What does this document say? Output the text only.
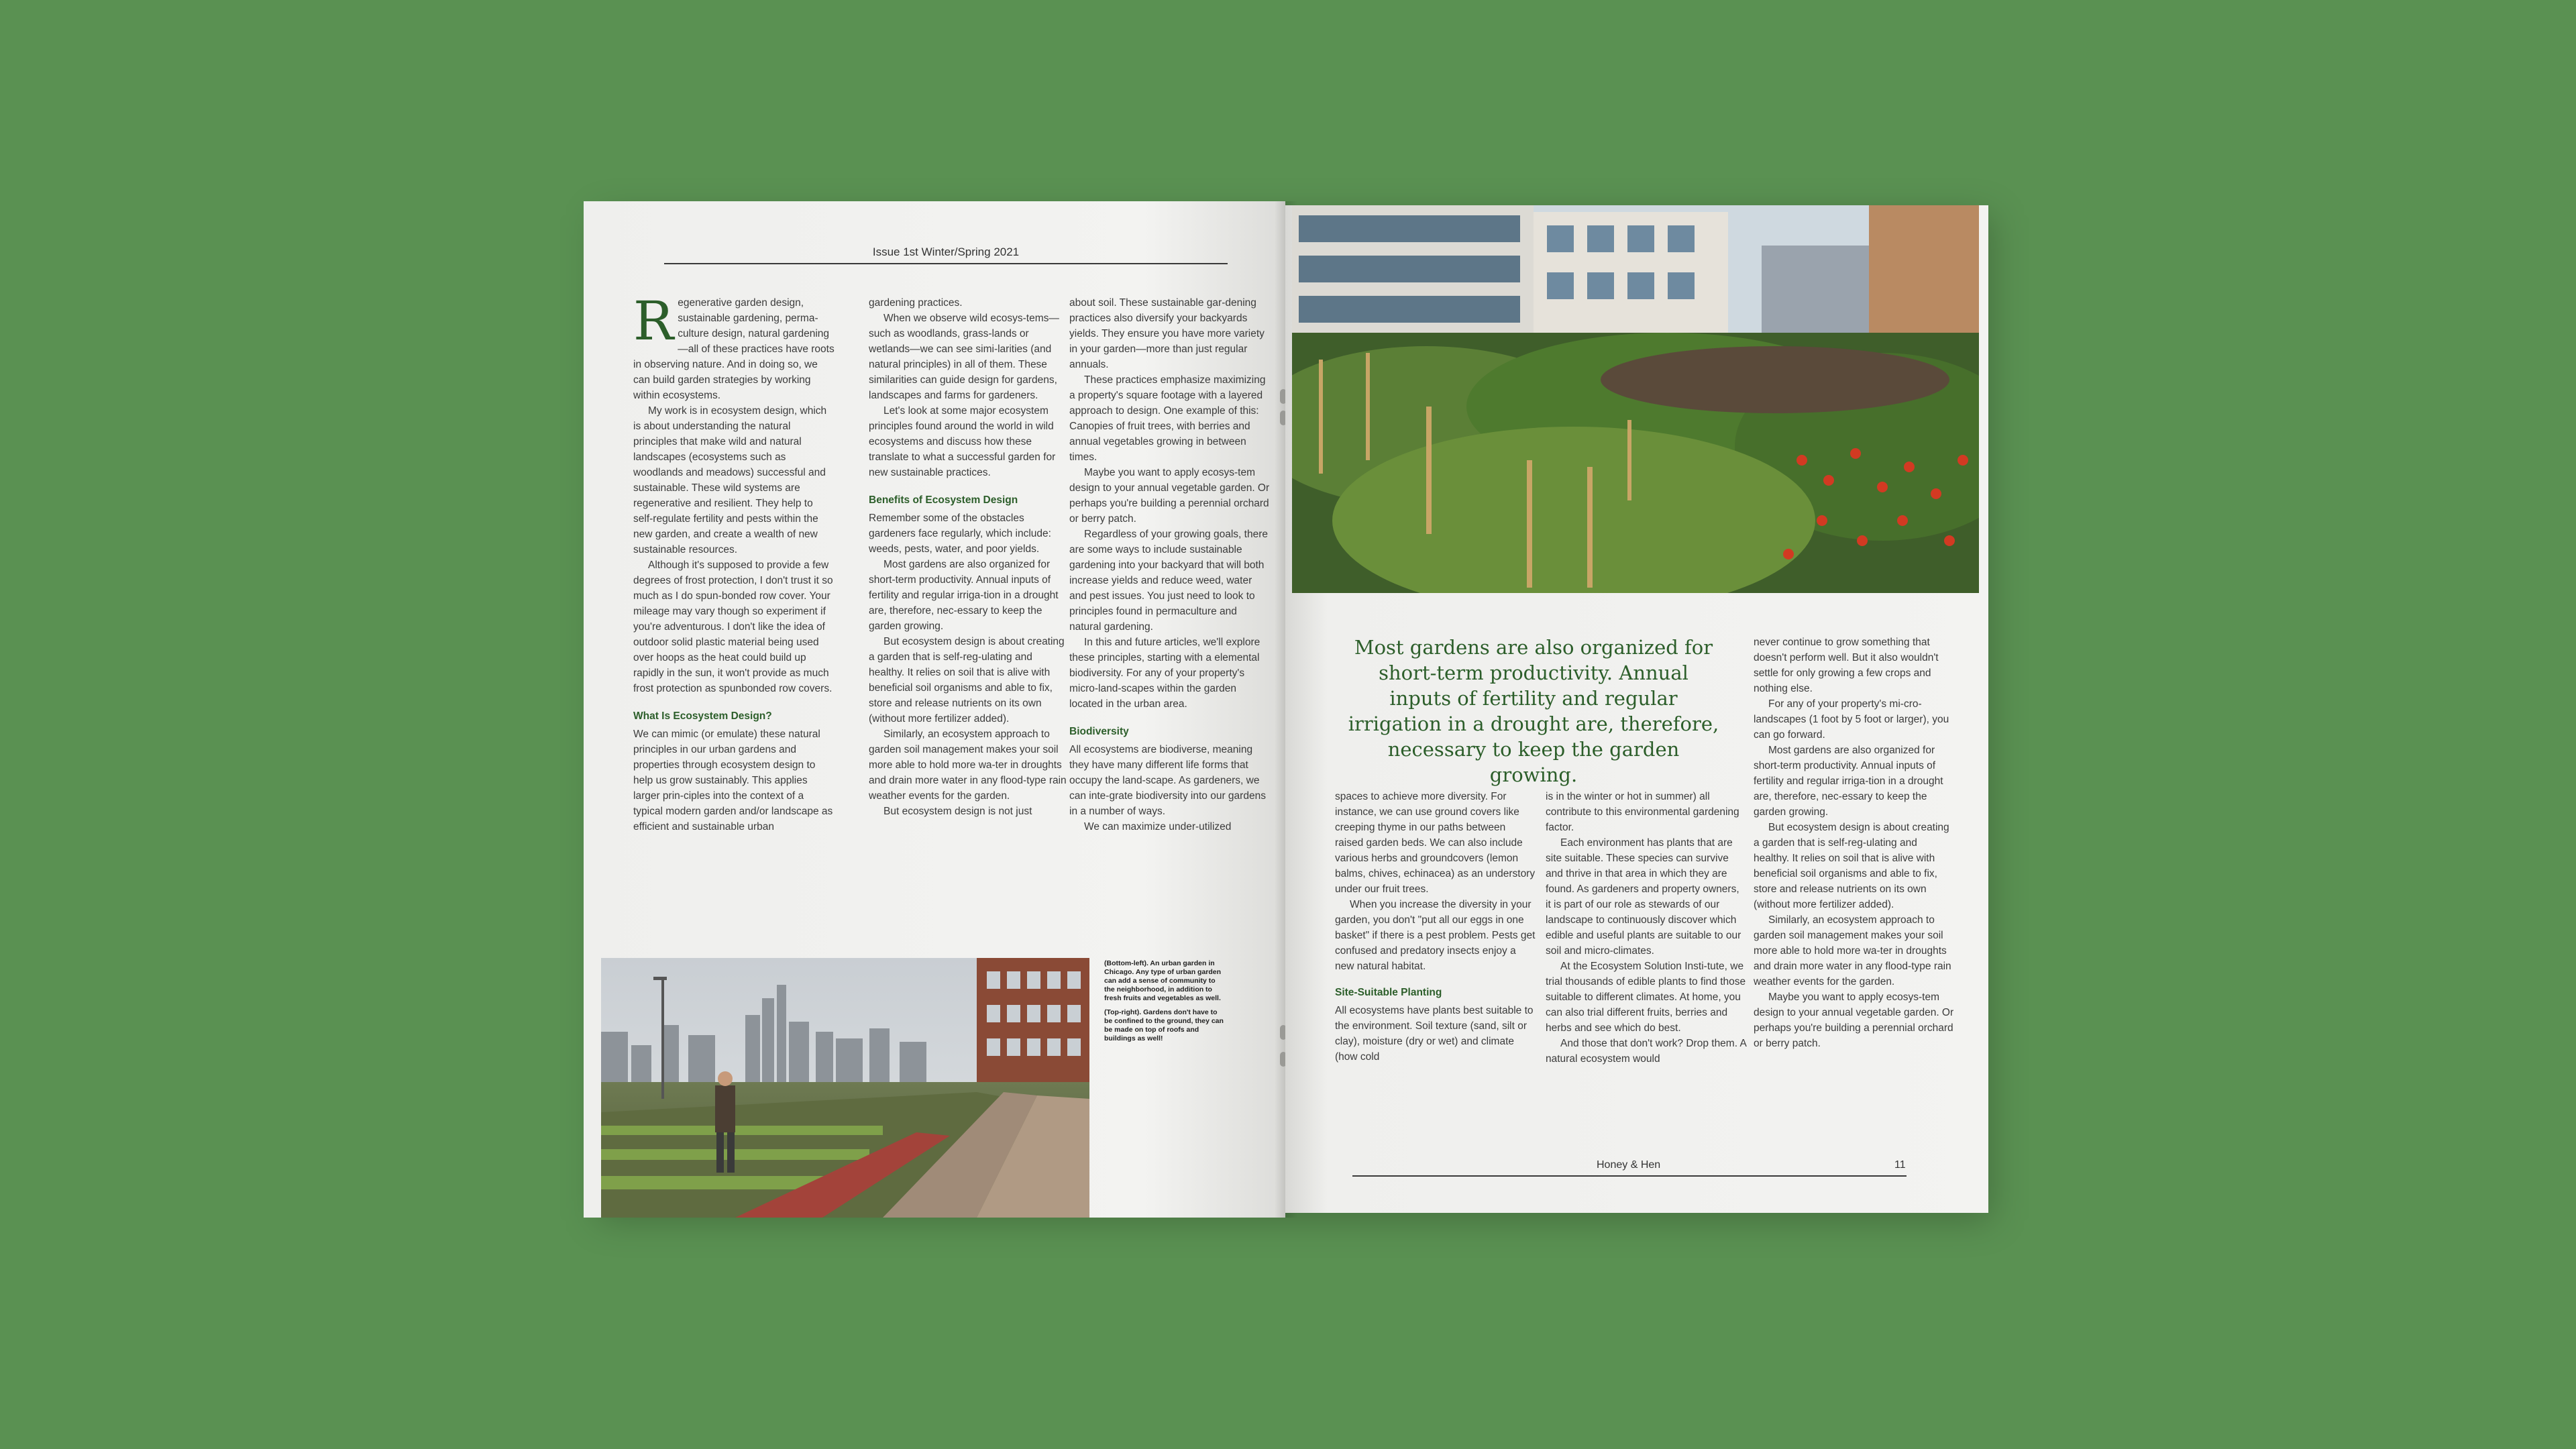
Issue 1st Winter/Spring 2021
R egenerative garden design, sustainable gardening, perma-culture design, natural gardening—all of these practices have roots in observing nature. And in doing so, we can build garden strategies by working within ecosystems.

My work is in ecosystem design, which is about understanding the natural principles that make wild and natural landscapes (ecosystems such as woodlands and meadows) successful and sustainable. These wild systems are regenerative and resilient. They help to self-regulate fertility and pests within the new garden, and create a wealth of new sustainable resources.

Although it's supposed to provide a few degrees of frost protection, I don't trust it so much as I do spun-bonded row cover. Your mileage may vary though so experiment if you're adventurous. I don't like the idea of outdoor solid plastic material being used over hoops as the heat could build up rapidly in the sun, it won't provide as much frost protection as spunbonded row covers.

What Is Ecosystem Design?

We can mimic (or emulate) these natural principles in our urban gardens and properties through ecosystem design to help us grow sustainably. This applies larger prin-ciples into the context of a typical modern garden and/or landscape as efficient and sustainable urban

gardening practices.

When we observe wild ecosys-tems—such as woodlands, grass-lands or wetlands—we can see simi-larities (and natural principles) in all of them. These similarities can guide design for gardens, landscapes and farms for gardeners.

Let's look at some major ecosystem principles found around the world in wild ecosystems and discuss how these translate to what a successful garden for new sustainable practices.

Benefits of Ecosystem Design

Remember some of the obstacles gardeners face regularly, which include: weeds, pests, water, and poor yields.

Most gardens are also organized for short-term productivity. Annual inputs of fertility and regular irriga-tion in a drought are, therefore, nec-essary to keep the garden growing.

But ecosystem design is about creating a garden that is self-reg-ulating and healthy. It relies on soil that is alive with beneficial soil organisms and able to fix, store and release nutrients on its own (without more fertilizer added).

Similarly, an ecosystem approach to garden soil management makes your soil more able to hold more wa-ter in droughts and drain more water in any flood-type rain weather events for the garden.

But ecosystem design is not just

about soil. These sustainable gar-dening practices also diversify your backyards yields. They ensure you have more variety in your garden—more than just regular annuals.

These practices emphasize maximizing a property's square footage with a layered approach to design. One example of this: Canopies of fruit trees, with berries and annual vegetables growing in between times.

Maybe you want to apply ecosys-tem design to your annual vegetable garden. Or perhaps you're building a perennial orchard or berry patch.

Regardless of your growing goals, there are some ways to include sustainable gardening into your backyard that will both increase yields and reduce weed, water and pest issues. You just need to look to principles found in permaculture and natural gardening.

In this and future articles, we'll explore these principles, starting with a elemental biodiversity. For any of your property's micro-land-scapes within the garden located in the urban area.

Biodiversity

All ecosystems are biodiverse, meaning they have many different life forms that occupy the land-scape. As gardeners, we can inte-grate biodiversity into our gardens in a number of ways.

We can maximize under-utilized

(Bottom-left). An urban garden in Chicago. Any type of urban garden can add a sense of community to the neighborhood, in addition to fresh fruits and vegetables as well.

(Top-right). Gardens don't have to be confined to the ground, they can be made on top of roofs and buildings as well!

Most gardens are also organized for short-term productivity. Annual inputs of fertility and regular irrigation in a drought are, therefore, necessary to keep the garden growing.

spaces to achieve more diversity. For instance, we can use ground covers like creeping thyme in our paths between raised garden beds. We can also include various herbs and groundcovers (lemon balms, chives, echinacea) as an understory under our fruit trees.

When you increase the diversity in your garden, you don't "put all our eggs in one basket" if there is a pest problem. Pests get confused and predatory insects enjoy a new natural habitat.

Site-Suitable Planting

All ecosystems have plants best suitable to the environment. Soil texture (sand, silt or clay), moisture (dry or wet) and climate (how cold

is in the winter or hot in summer) all contribute to this environmental gardening factor.

Each environment has plants that are site suitable. These species can survive and thrive in that area in which they are found. As gardeners and property owners, it is part of our role as stewards of our landscape to continuously discover which edible and useful plants are suitable to our soil and micro-climates.

At the Ecosystem Solution Insti-tute, we trial thousands of edible plants to find those suitable to different climates. At home, you can also trial different fruits, berries and herbs and see which do best.

And those that don't work? Drop them. A natural ecosystem would

never continue to grow something that doesn't perform well. But it also wouldn't settle for only growing a few crops and nothing else.

For any of your property's mi-cro-landscapes (1 foot by 5 foot or larger), you can go forward.

Most gardens are also organized for short-term productivity. Annual inputs of fertility and regular irriga-tion in a drought are, therefore, nec-essary to keep the garden growing.

But ecosystem design is about creating a garden that is self-reg-ulating and healthy. It relies on soil that is alive with beneficial soil organisms and able to fix, store and release nutrients on its own (without more fertilizer added).

Similarly, an ecosystem approach to garden soil management makes your soil more able to hold more wa-ter in droughts and drain more water in any flood-type rain weather events for the garden.

Maybe you want to apply ecosys-tem design to your annual vegetable garden. Or perhaps you're building a perennial orchard or berry patch.

Honey & Hen	11
